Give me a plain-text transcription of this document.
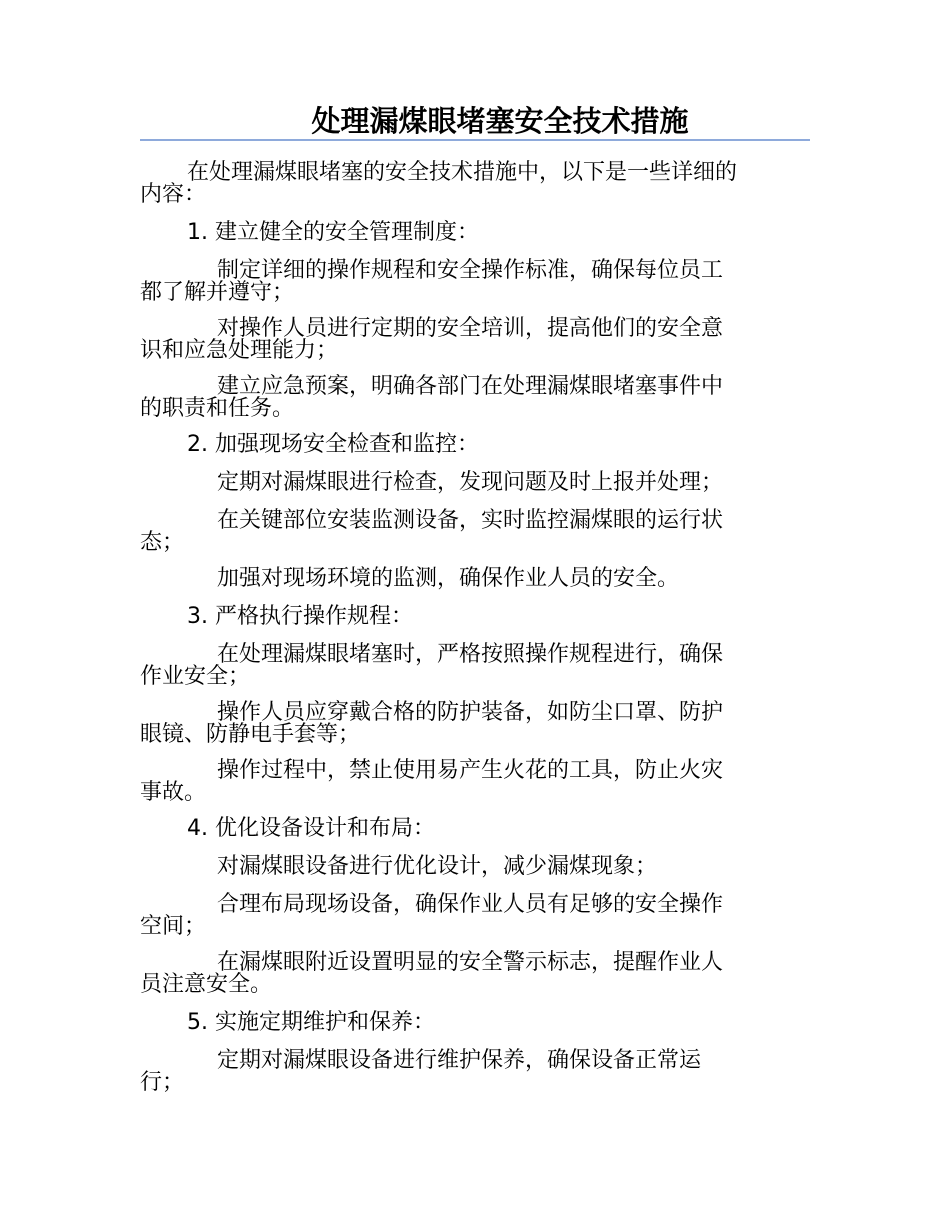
处理漏煤眼堵塞安全技术措施
在处理漏煤眼堵塞的安全技术措施中，以下是一些详细的
内容：
1. 建立健全的安全管理制度：
制定详细的操作规程和安全操作标准，确保每位员工
都了解并遵守；
对操作人员进行定期的安全培训，提高他们的安全意
识和应急处理能力；
建立应急预案，明确各部门在处理漏煤眼堵塞事件中
的职责和任务。
2. 加强现场安全检查和监控：
定期对漏煤眼进行检查，发现问题及时上报并处理；
在关键部位安装监测设备，实时监控漏煤眼的运行状
态；
加强对现场环境的监测，确保作业人员的安全。
3. 严格执行操作规程：
在处理漏煤眼堵塞时，严格按照操作规程进行，确保
作业安全；
操作人员应穿戴合格的防护装备，如防尘口罩、防护
眼镜、防静电手套等；
操作过程中，禁止使用易产生火花的工具，防止火灾
事故。
4. 优化设备设计和布局：
对漏煤眼设备进行优化设计，减少漏煤现象；
合理布局现场设备，确保作业人员有足够的安全操作
空间；
在漏煤眼附近设置明显的安全警示标志，提醒作业人
员注意安全。
5. 实施定期维护和保养：
定期对漏煤眼设备进行维护保养，确保设备正常运
行；
